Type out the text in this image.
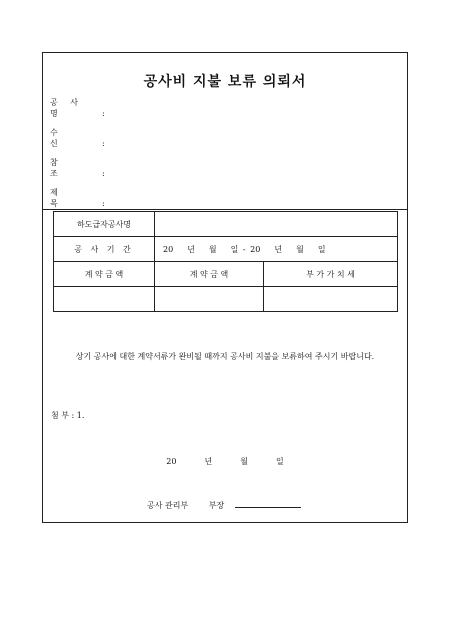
공사비 지불 보류 의뢰서
공 사 명	:
수 신	:
참 조	:
제 목	:
하도급자공사명		
공 사 기 간	20 년 월 일 - 20 년 월 일	
계 약 금 액	계 약 금 액	부 가 가 치 세

상기 공사에 대한 계약서류가 완비될 때까지 공사비 지불을 보류하여 주시기 바랍니다.
첨 부 : 1.
20	년	월	일
공사 관리부	부장
